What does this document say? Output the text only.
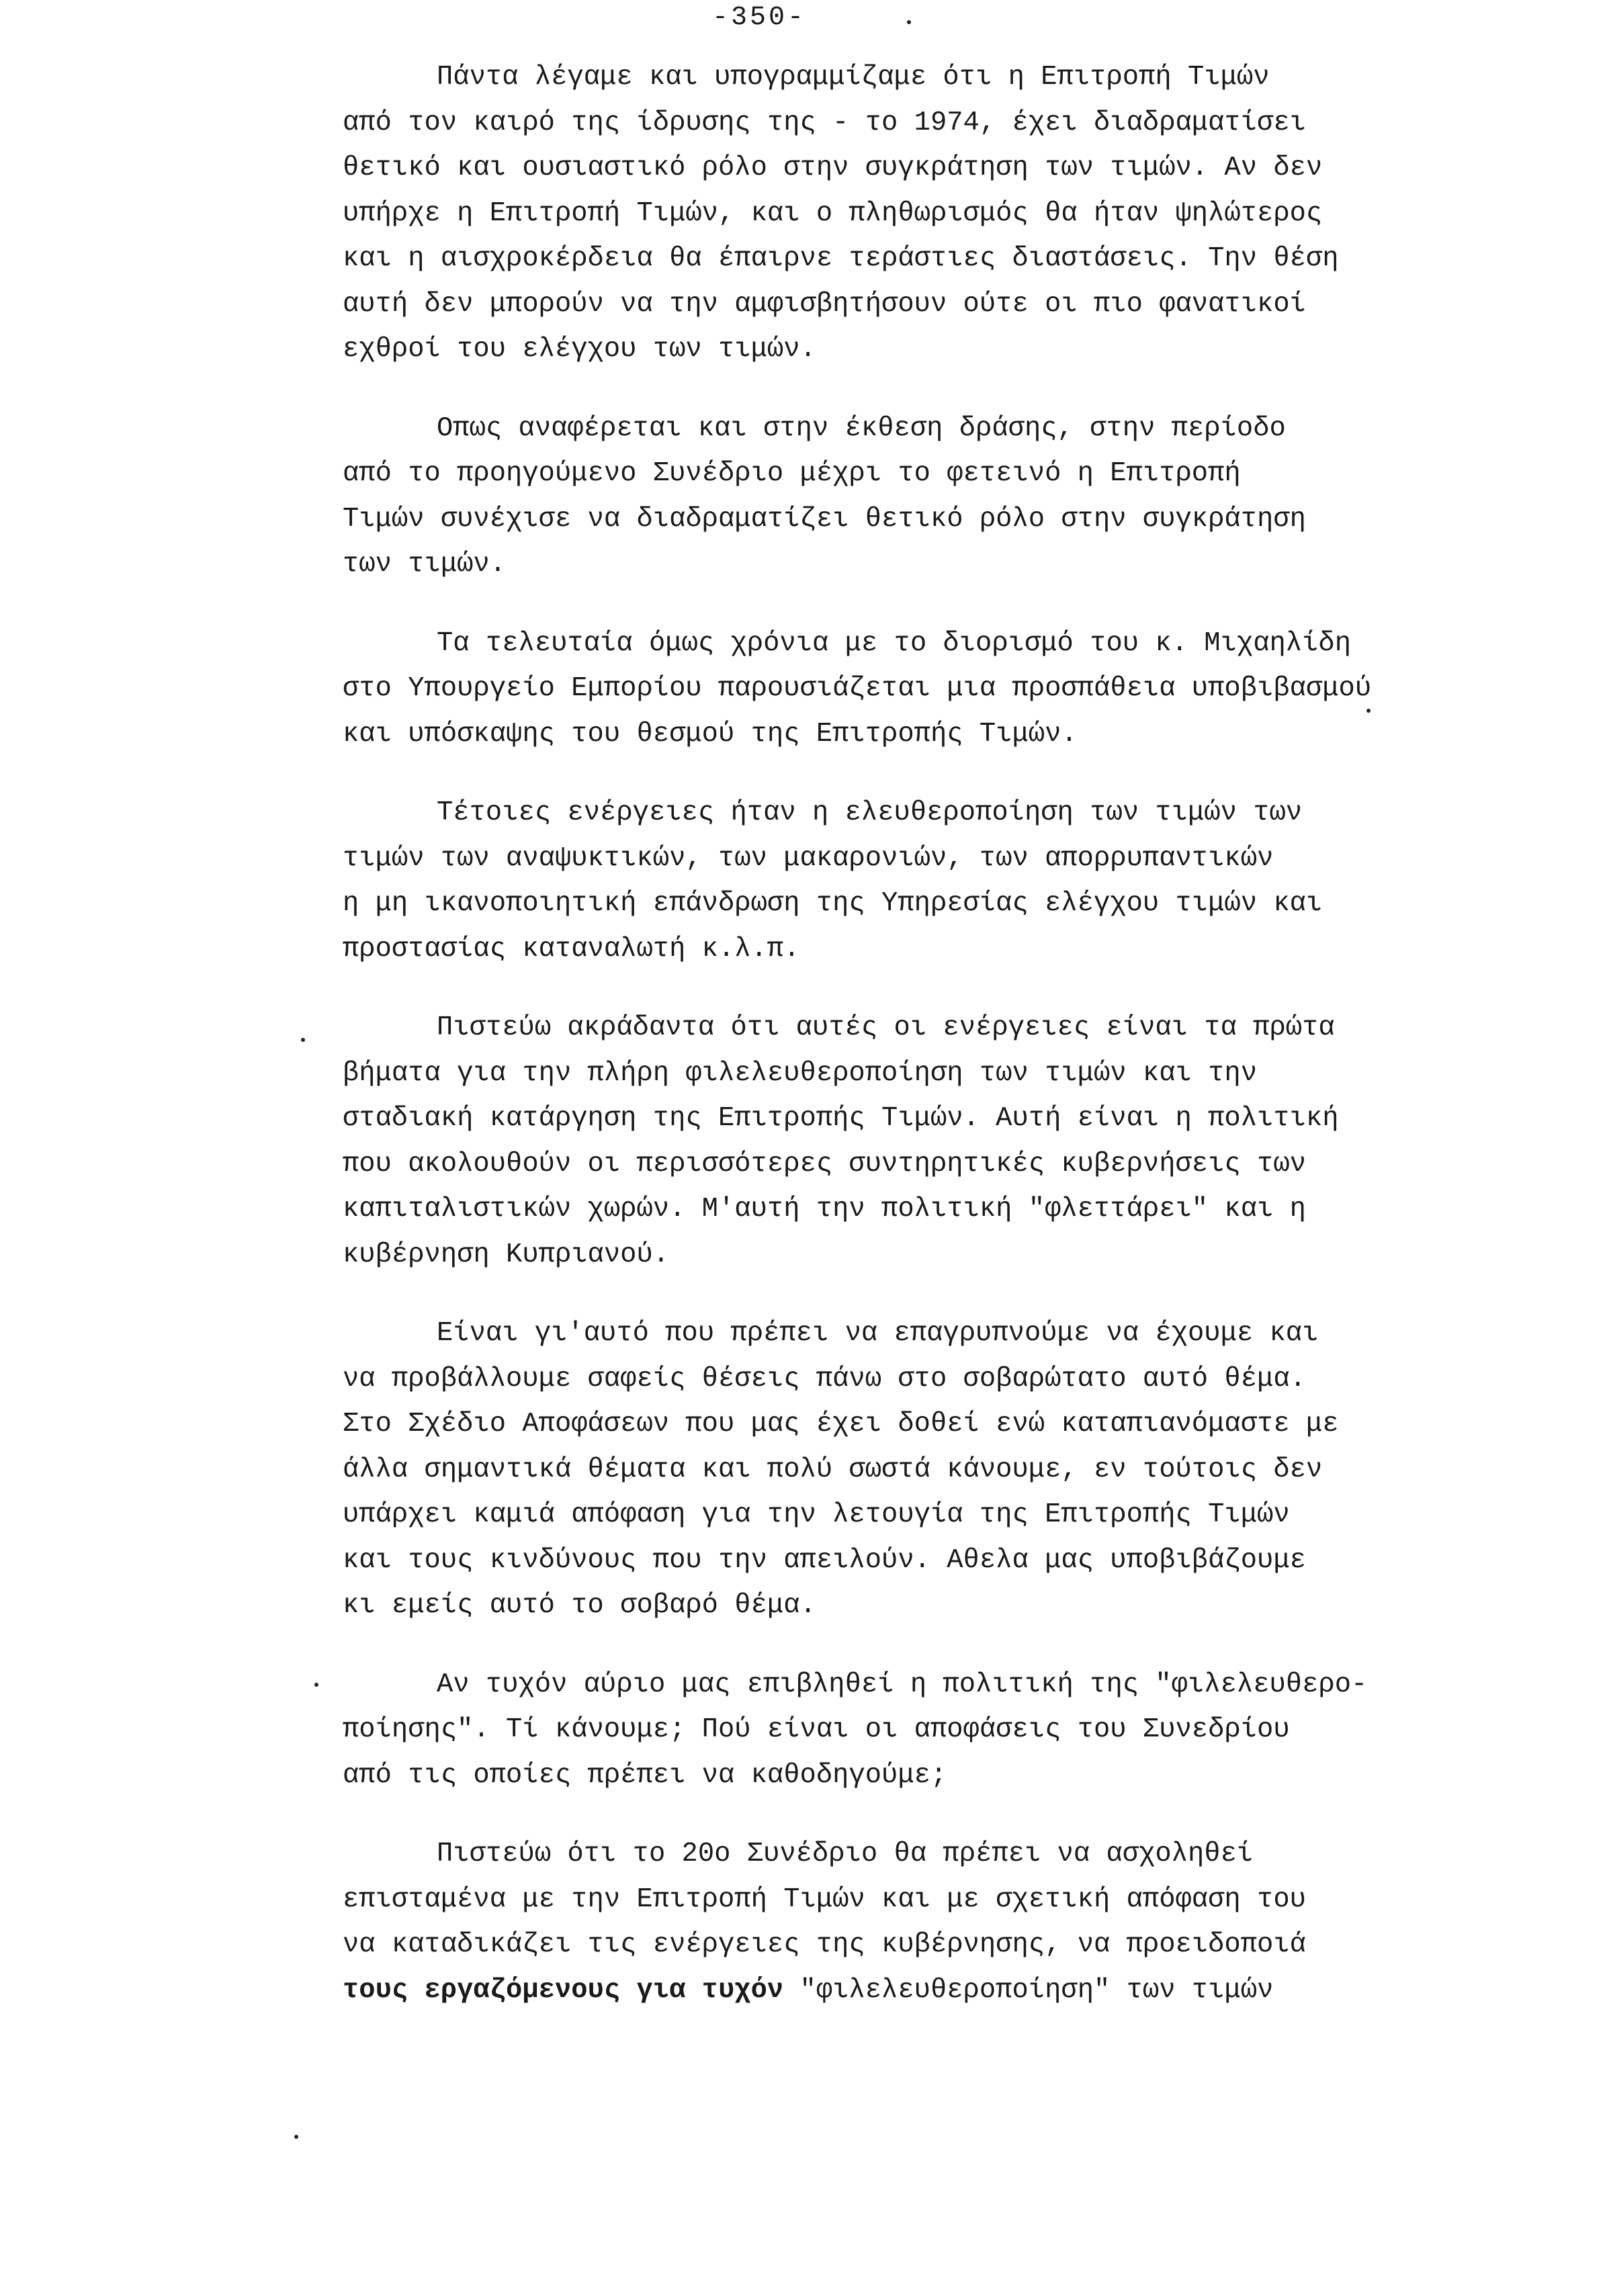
-350-
Πάντα λέγαμε και υπογραμμίζαμε ότι η Επιτροπή Τιμών
από τον καιρό της ίδρυσης της - το 1974, έχει διαδραματίσει
θετικό και ουσιαστικό ρόλο στην συγκράτηση των τιμών. Αν δεν
υπήρχε η Επιτροπή Τιμών, και ο πληθωρισμός θα ήταν ψηλώτερος
και η αισχροκέρδεια θα έπαιρνε τεράστιες διαστάσεις. Την θέση
αυτή δεν μπορούν να την αμφισβητήσουν ούτε οι πιο φανατικοί
εχθροί του ελέγχου των τιμών.
Οπως αναφέρεται και στην έκθεση δράσης, στην περίοδο
από το προηγούμενο Συνέδριο μέχρι το φετεινό η Επιτροπή
Τιμών συνέχισε να διαδραματίζει θετικό ρόλο στην συγκράτηση
των τιμών.
Τα τελευταία όμως χρόνια με το διορισμό του κ. Μιχαηλίδη
στο Υπουργείο Εμπορίου παρουσιάζεται μια προσπάθεια υποβιβασμού
και υπόσκαψης του θεσμού της Επιτροπής Τιμών.
Τέτοιες ενέργειες ήταν η ελευθεροποίηση των τιμών των
τιμών των αναψυκτικών, των μακαρονιών, των απορρυπαντικών
η μη ικανοποιητική επάνδρωση της Υπηρεσίας ελέγχου τιμών και
προστασίας καταναλωτή κ.λ.π.
Πιστεύω ακράδαντα ότι αυτές οι ενέργειες είναι τα πρώτα
βήματα για την πλήρη φιλελευθεροποίηση των τιμών και την
σταδιακή κατάργηση της Επιτροπής Τιμών. Αυτή είναι η πολιτική
που ακολουθούν οι περισσότερες συντηρητικές κυβερνήσεις των
καπιταλιστικών χωρών. Μ'αυτή την πολιτική "φλεττάρει" και η
κυβέρνηση Κυπριανού.
Είναι γι'αυτό που πρέπει να επαγρυπνούμε να έχουμε και
να προβάλλουμε σαφείς θέσεις πάνω στο σοβαρώτατο αυτό θέμα.
Στο Σχέδιο Αποφάσεων που μας έχει δοθεί ενώ καταπιανόμαστε με
άλλα σημαντικά θέματα και πολύ σωστά κάνουμε, εν τούτοις δεν
υπάρχει καμιά απόφαση για την λετουγία της Επιτροπής Τιμών
και τους κινδύνους που την απειλούν. Αθελα μας υποβιβάζουμε
κι εμείς αυτό το σοβαρό θέμα.
Αν τυχόν αύριο μας επιβληθεί η πολιτική της "φιλελευθερο-
ποίησης". Τί κάνουμε; Πού είναι οι αποφάσεις του Συνεδρίου
από τις οποίες πρέπει να καθοδηγούμε;
Πιστεύω ότι το 20ο Συνέδριο θα πρέπει να ασχοληθεί
επισταμένα με την Επιτροπή Τιμών και με σχετική απόφαση του
να καταδικάζει τις ενέργειες της κυβέρνησης, να προειδοποιά
τους εργαζόμενους για τυχόν "φιλελευθεροποίηση" των τιμών
